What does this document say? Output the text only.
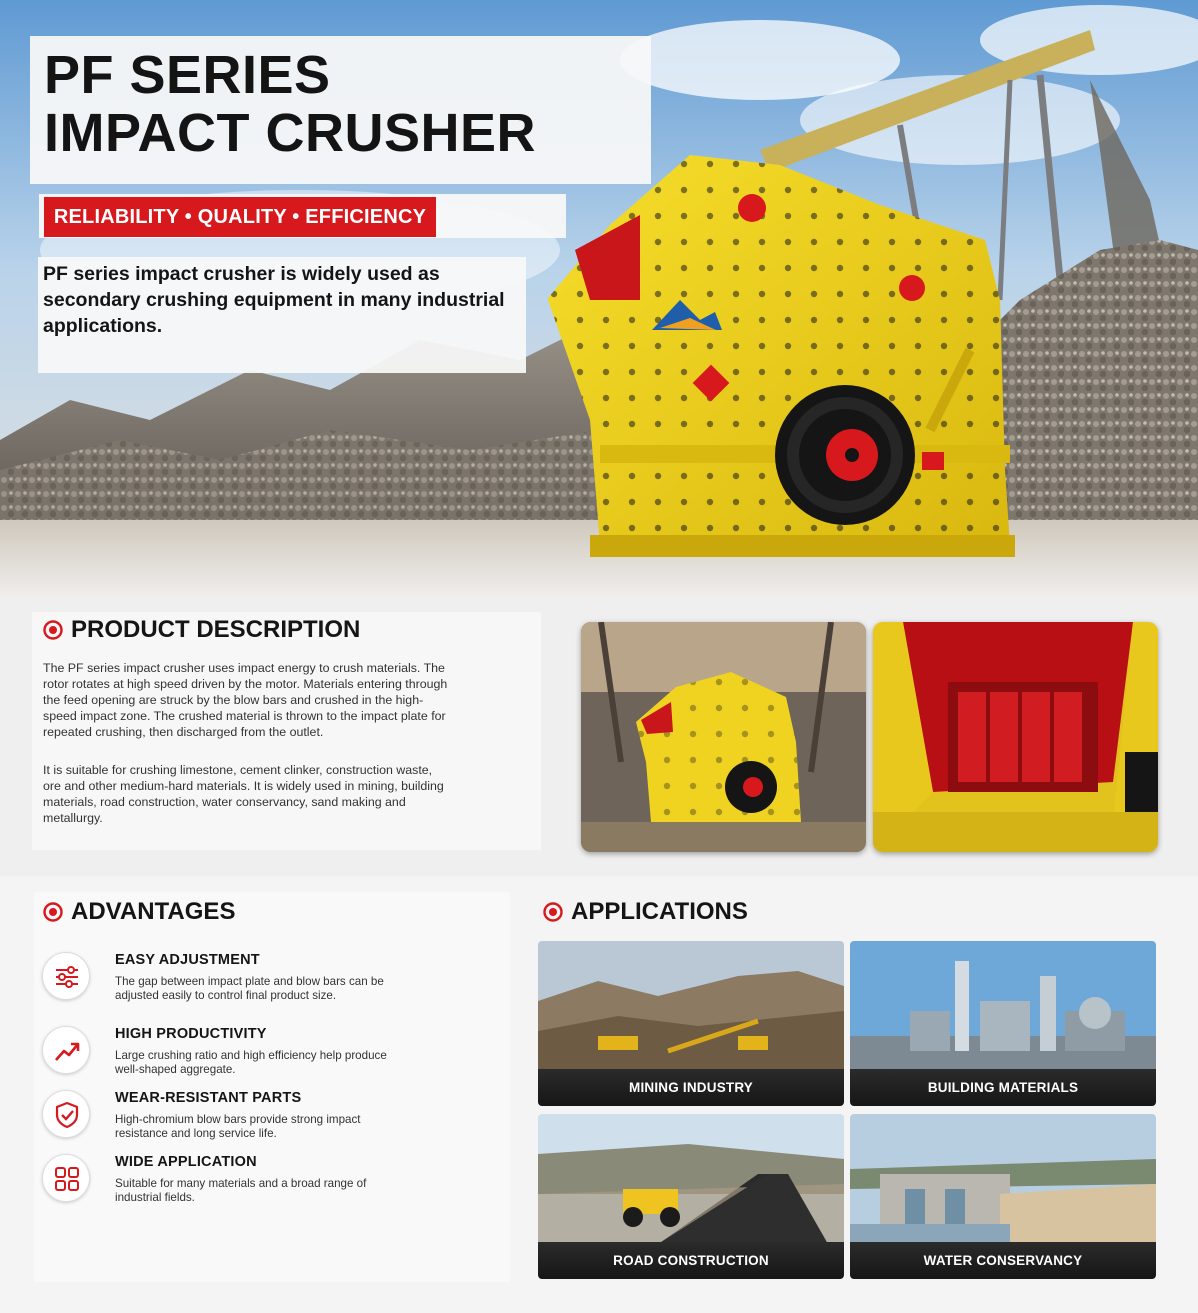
PF SERIES
IMPACT CRUSHER
RELIABILITY • QUALITY • EFFICIENCY
PF series impact crusher is widely used as secondary crushing equipment in many industrial applications.
PRODUCT DESCRIPTION

The PF series impact crusher uses impact energy to crush materials. The rotor rotates at high speed driven by the motor. Materials entering through the feed opening are struck by the blow bars and crushed in the high-speed impact zone. The crushed material is thrown to the impact plate for repeated crushing, then discharged from the outlet.

It is suitable for crushing limestone, cement clinker, construction waste, ore and other medium-hard materials. It is widely used in mining, building materials, road construction, water conservancy, sand making and metallurgy.

ADVANTAGES
EASY ADJUSTMENT
The gap between impact plate and blow bars can be adjusted easily to control final product size.
HIGH PRODUCTIVITY
Large crushing ratio and high efficiency help produce well-shaped aggregate.
WEAR-RESISTANT PARTS
High-chromium blow bars provide strong impact resistance and long service life.
WIDE APPLICATION
Suitable for many materials and a broad range of industrial fields.
APPLICATIONS
MINING INDUSTRY	BUILDING MATERIALS
ROAD CONSTRUCTION	WATER CONSERVANCY
